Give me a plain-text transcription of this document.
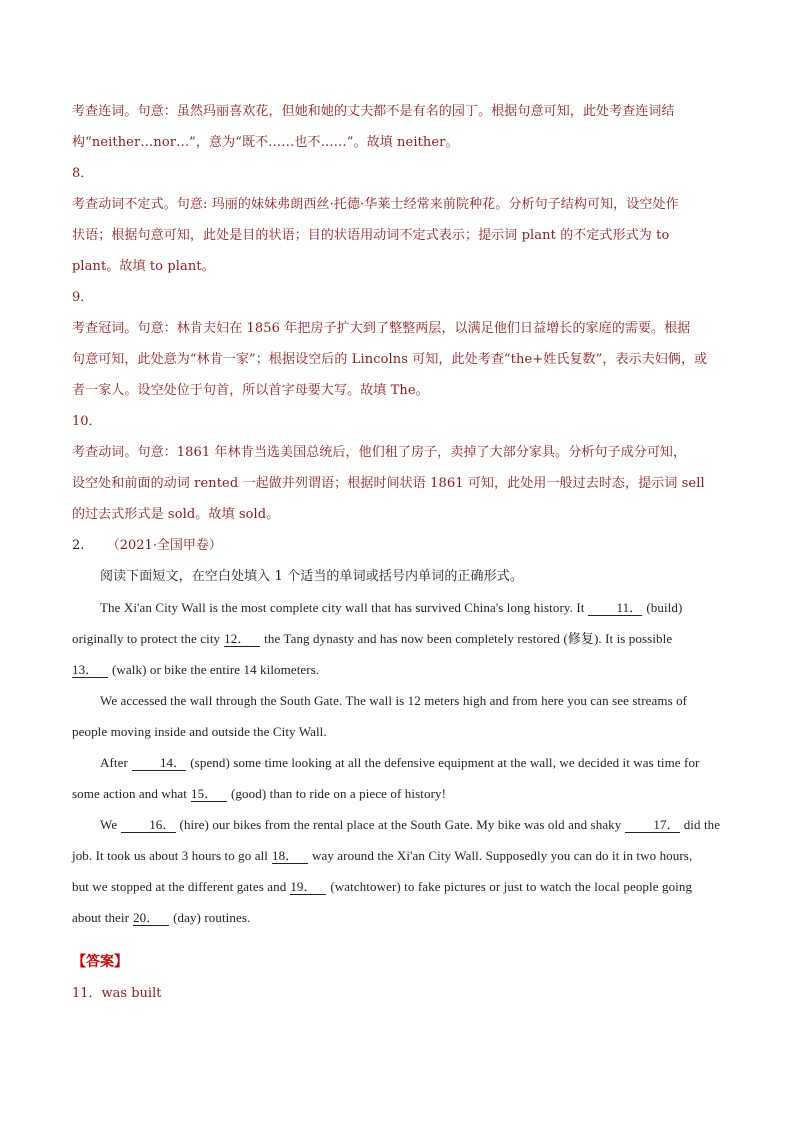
考查连词。句意：虽然玛丽喜欢花，但她和她的丈夫都不是有名的园丁。根据句意可知，此处考查连词结

构“neither…nor…”，意为“既不……也不……”。故填 neither。

8．

考查动词不定式。句意: 玛丽的妹妹弗朗西丝·托德·华莱士经常来前院种花。分析句子结构可知，设空处作

状语；根据句意可知，此处是目的状语；目的状语用动词不定式表示；提示词 plant 的不定式形式为 to

plant。故填 to plant。

9．

考查冠词。句意：林肯夫妇在 1856 年把房子扩大到了整整两层，以满足他们日益增长的家庭的需要。根据

句意可知，此处意为“林肯一家”；根据设空后的 Lincolns 可知，此处考查“the+姓氏复数”，表示夫妇俩，或

者一家人。设空处位于句首，所以首字母要大写。故填 The。

10．

考查动词。句意：1861 年林肯当选美国总统后，他们租了房子，卖掉了大部分家具。分析句子成分可知，

设空处和前面的动词 rented 一起做并列谓语；根据时间状语 1861 可知，此处用一般过去时态，提示词 sell

的过去式形式是 sold。故填 sold。

2. （2021·全国甲卷）

阅读下面短文，在空白处填入 1 个适当的单词或括号内单词的正确形式。

The Xi'an City Wall is the most complete city wall that has survived China's long history. It 11． (build)

originally to protect the city 12． the Tang dynasty and has now been completely restored (修复). It is possible

13． (walk) or bike the entire 14 kilometers.

We accessed the wall through the South Gate. The wall is 12 meters high and from here you can see streams of

people moving inside and outside the City Wall.

After 14． (spend) some time looking at all the defensive equipment at the wall, we decided it was time for

some action and what 15． (good) than to ride on a piece of history!

We 16． (hire) our bikes from the rental place at the South Gate. My bike was old and shaky 17． did the

job. It took us about 3 hours to go all 18． way around the Xi'an City Wall. Supposedly you can do it in two hours,

but we stopped at the different gates and 19． (watchtower) to fake pictures or just to watch the local people going

about their 20． (day) routines.

【答案】

11．was built
